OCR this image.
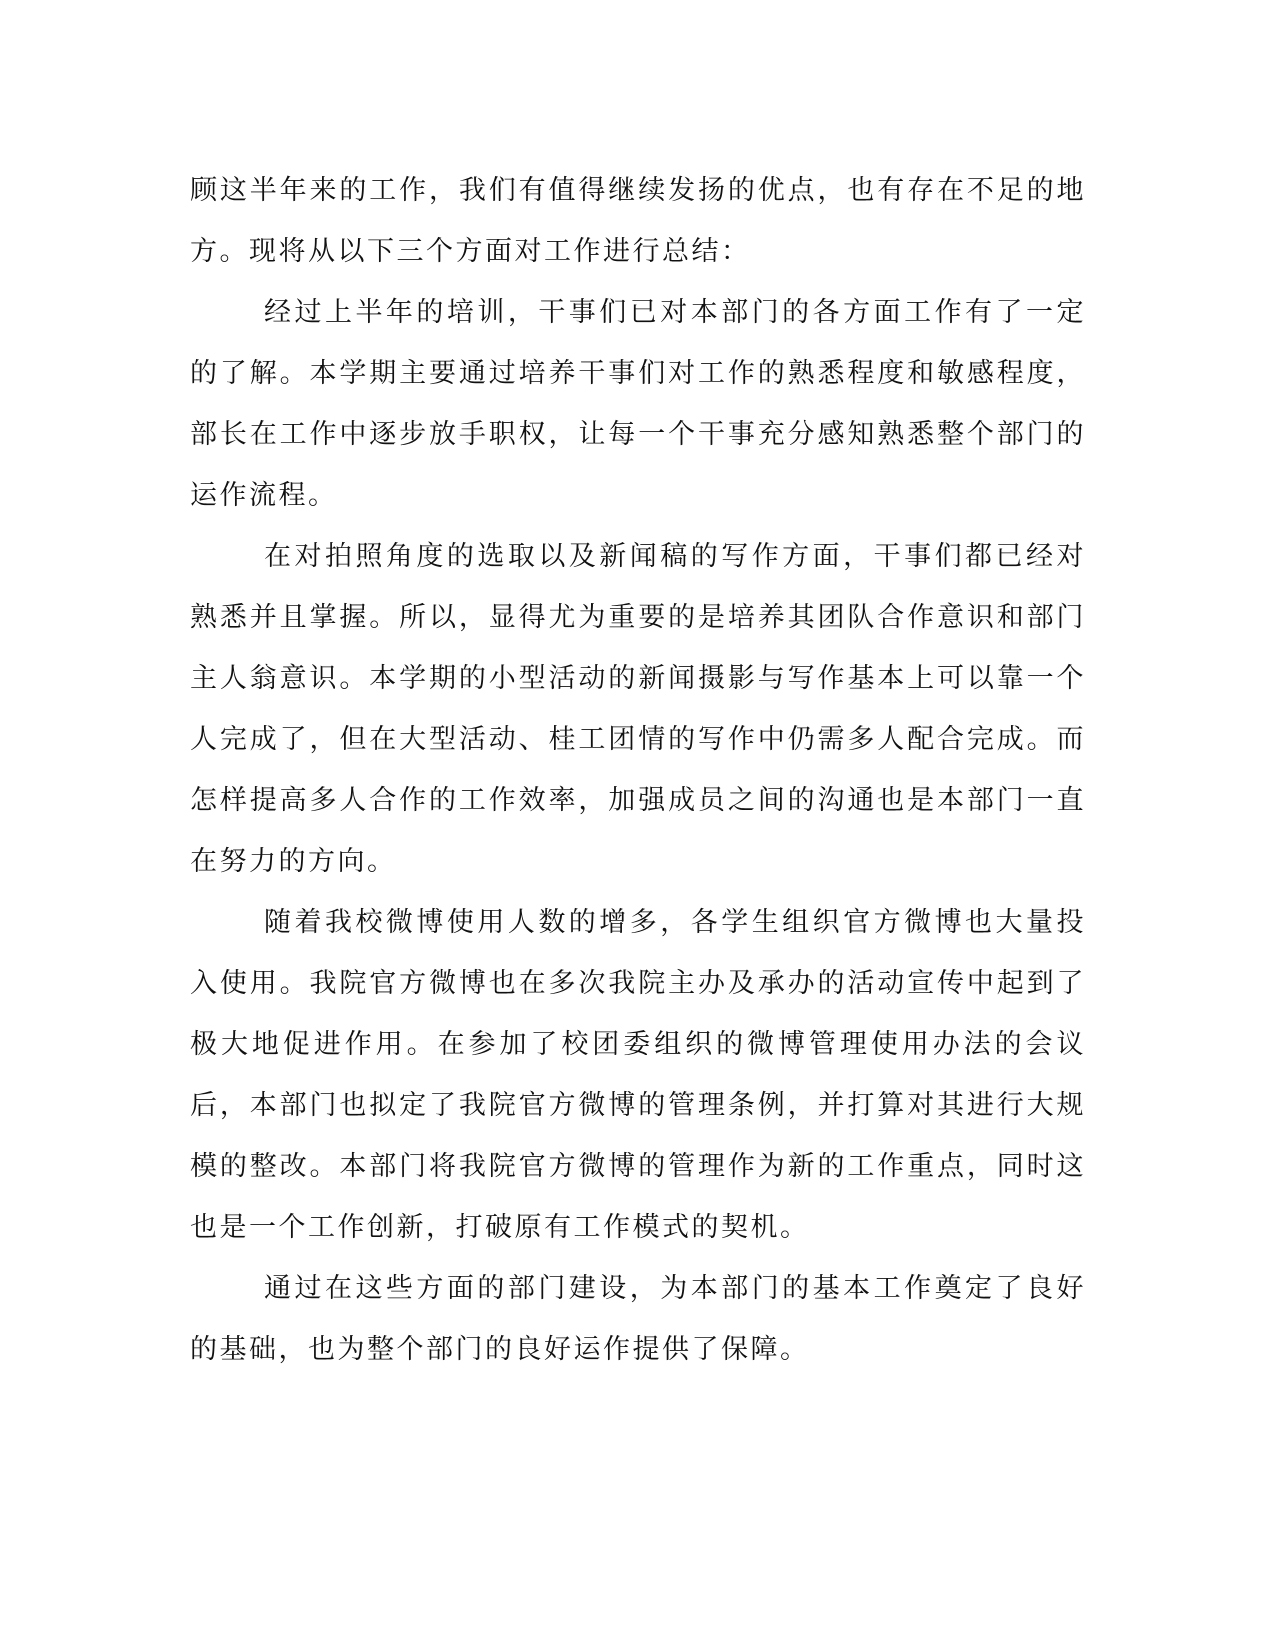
顾这半年来的工作，我们有值得继续发扬的优点，也有存在不足的地方。现将从以下三个方面对工作进行总结：

经过上半年的培训，干事们已对本部门的各方面工作有了一定的了解。本学期主要通过培养干事们对工作的熟悉程度和敏感程度，部长在工作中逐步放手职权，让每一个干事充分感知熟悉整个部门的运作流程。

在对拍照角度的选取以及新闻稿的写作方面，干事们都已经对熟悉并且掌握。所以，显得尤为重要的是培养其团队合作意识和部门主人翁意识。本学期的小型活动的新闻摄影与写作基本上可以靠一个人完成了，但在大型活动、桂工团情的写作中仍需多人配合完成。而怎样提高多人合作的工作效率，加强成员之间的沟通也是本部门一直在努力的方向。

随着我校微博使用人数的增多，各学生组织官方微博也大量投入使用。我院官方微博也在多次我院主办及承办的活动宣传中起到了极大地促进作用。在参加了校团委组织的微博管理使用办法的会议后，本部门也拟定了我院官方微博的管理条例，并打算对其进行大规模的整改。本部门将我院官方微博的管理作为新的工作重点，同时这也是一个工作创新，打破原有工作模式的契机。

通过在这些方面的部门建设，为本部门的基本工作奠定了良好的基础，也为整个部门的良好运作提供了保障。
